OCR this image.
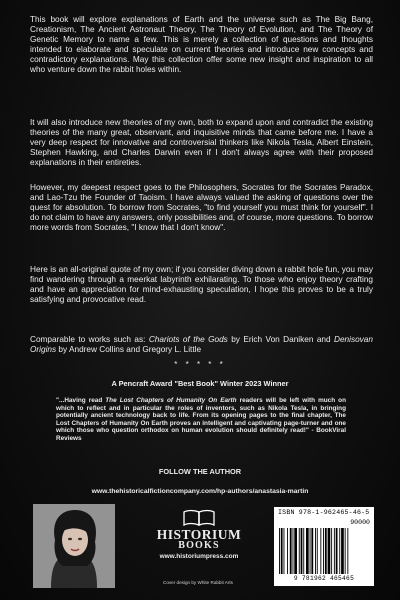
This book will explore explanations of Earth and the universe such as The Big Bang, Creationism, The Ancient Astronaut Theory, The Theory of Evolution, and The Theory of Genetic Memory to name a few. This is merely a collection of questions and thoughts intended to elaborate and speculate on current theories and introduce new concepts and contradictory explanations. May this collection offer some new insight and inspiration to all who venture down the rabbit holes within.

It will also introduce new theories of my own, both to expand upon and contradict the existing theories of the many great, observant, and inquisitive minds that came before me. I have a very deep respect for innovative and controversial thinkers like Nikola Tesla, Albert Einstein, Stephen Hawking, and Charles Darwin even if I don't always agree with their proposed explanations in their entireties.

However, my deepest respect goes to the Philosophers, Socrates for the Socrates Paradox, and Lao-Tzu the Founder of Taoism. I have always valued the asking of questions over the quest for absolution. To borrow from Socrates, "to find yourself you must think for yourself". I do not claim to have any answers, only possibilities and, of course, more questions. To borrow more words from Socrates, "I know that I don't know".

Here is an all-original quote of my own; if you consider diving down a rabbit hole fun, you may find wandering through a meerkat labyrinth exhilarating. To those who enjoy theory crafting and have an appreciation for mind-exhausting speculation, I hope this proves to be a truly satisfying and provocative read.

Comparable to works such as: Chariots of the Gods by Erich Von Daniken and Denisovan Origins by Andrew Collins and Gregory L. Little

* * * * *
A Pencraft Award "Best Book" Winter 2023 Winner
"...Having read The Lost Chapters of Humanity On Earth readers will be left with much on which to reflect and in particular the roles of inventors, such as Nikola Tesla, in bringing potentially ancient technology back to life. From its opening pages to the final chapter, The Lost Chapters of Humanity On Earth proves an intelligent and captivating page-turner and one which those who question orthodox on human evolution should definitely read!" - BookViral Reviews
FOLLOW THE AUTHOR
www.thehistoricalfictioncompany.com/hp-authors/anastasia-martin
HISTORIUM
BOOKS
www.historiumpress.com
Cover design by White Rabbit Arts
ISBN 978-1-962465-46-5
90000
9 781962 465465
